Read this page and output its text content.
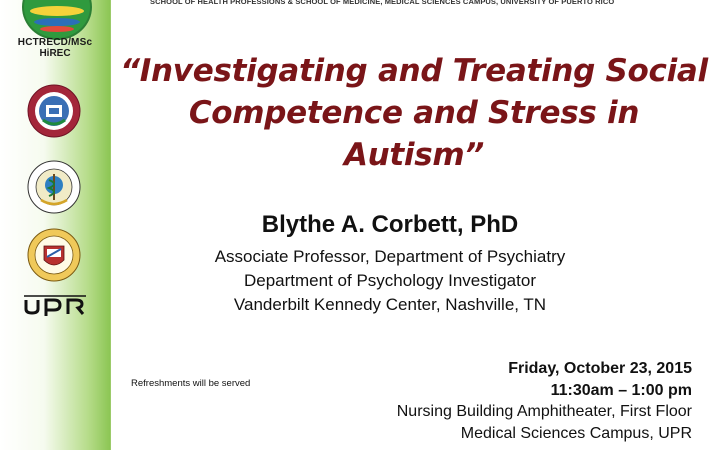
HCTRECD/MSc
HiREC
SCHOOL OF HEALTH PROFESSIONS & SCHOOL OF MEDICINE, MEDICAL SCIENCES CAMPUS, UNIVERSITY OF PUERTO RICO
“Investigating and Treating Social Competence and Stress in Autism”
Blythe A. Corbett, PhD
Associate Professor, Department of Psychiatry
Department of Psychology Investigator
Vanderbilt Kennedy Center, Nashville, TN
Refreshments will be served
Friday, October 23, 2015
11:30am – 1:00 pm
Nursing Building Amphitheater, First Floor
Medical Sciences Campus, UPR
